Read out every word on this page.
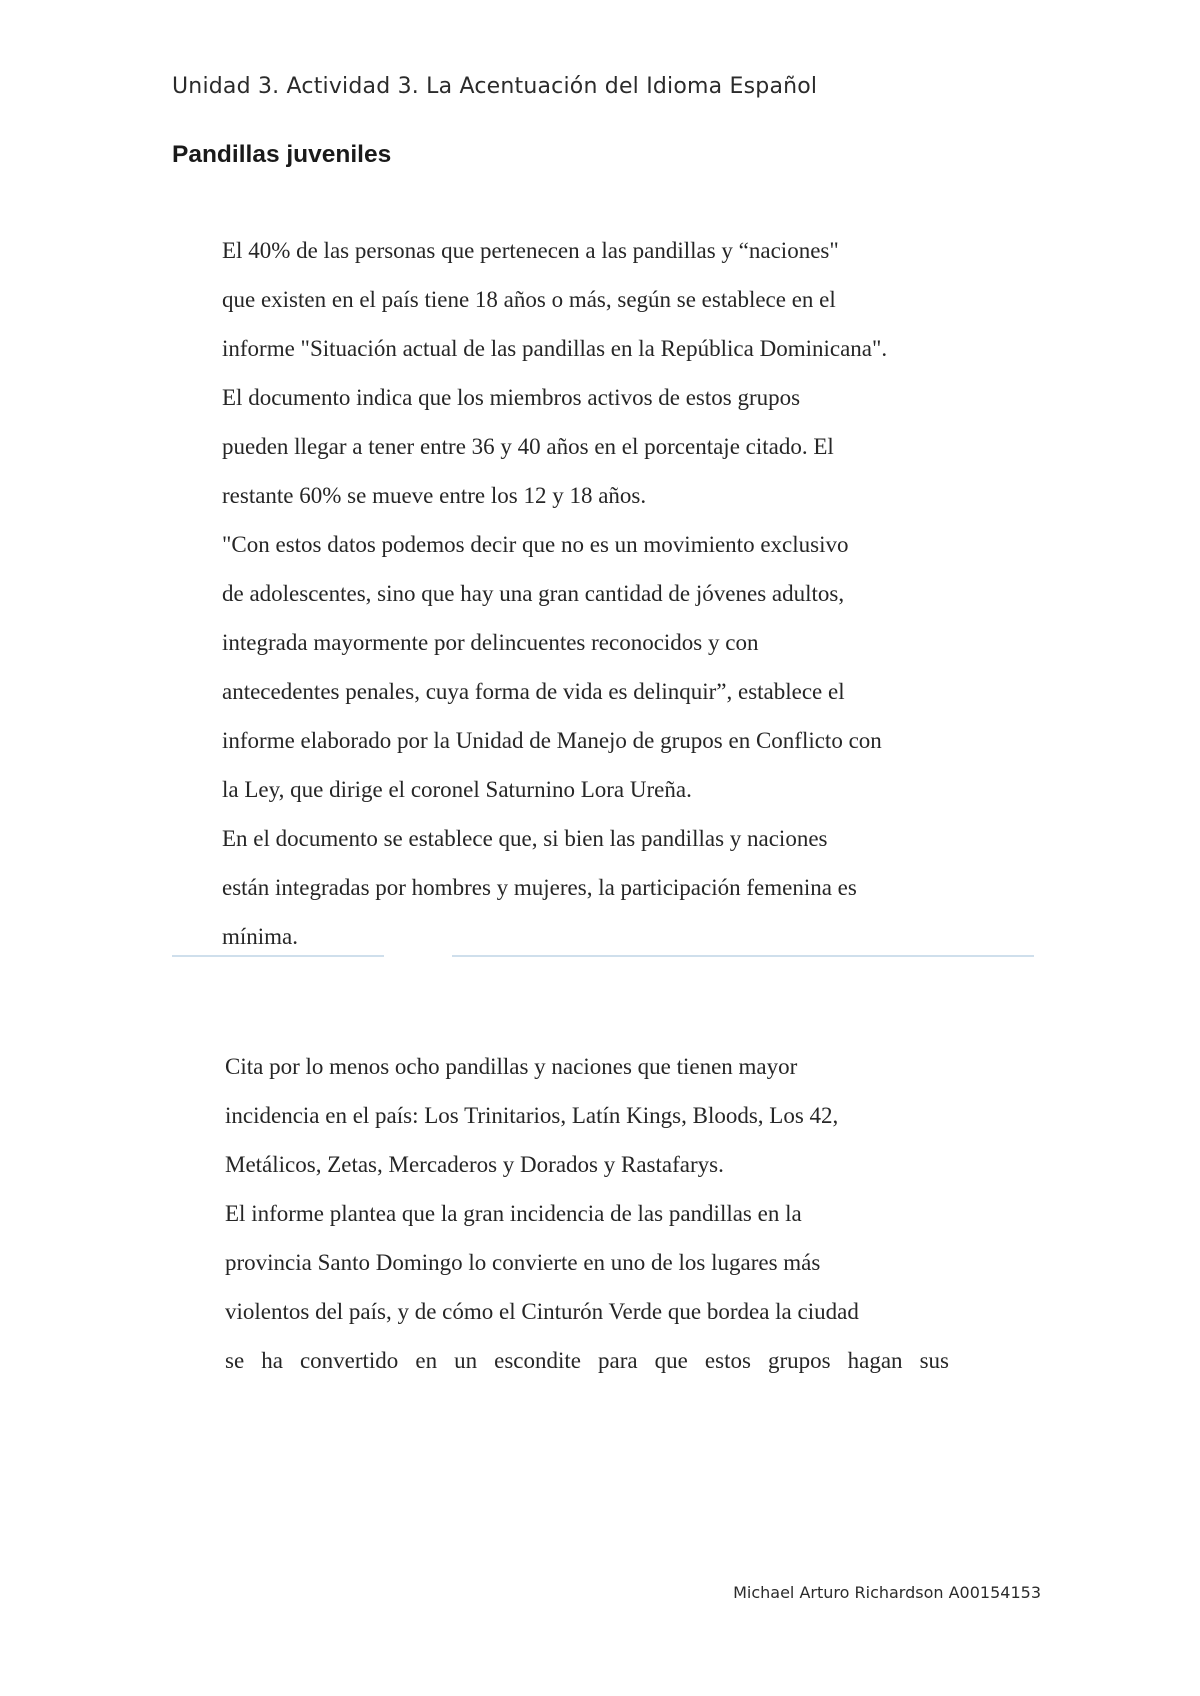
Unidad 3. Actividad 3. La Acentuación del Idioma Español
Pandillas juveniles
El 40% de las personas que pertenecen a las pandillas y “naciones"
que existen en el país tiene 18 años o más, según se establece en el
informe "Situación actual de las pandillas en la República Dominicana".
El documento indica que los miembros activos de estos grupos
pueden llegar a tener entre 36 y 40 años en el porcentaje citado. El
restante 60% se mueve entre los 12 y 18 años.
"Con estos datos podemos decir que no es un movimiento exclusivo
de adolescentes, sino que hay una gran cantidad de jóvenes adultos,
integrada mayormente por delincuentes reconocidos y con
antecedentes penales, cuya forma de vida es delinquir”, establece el
informe elaborado por la Unidad de Manejo de grupos en Conflicto con
la Ley, que dirige el coronel Saturnino Lora Ureña.
En el documento se establece que, si bien las pandillas y naciones
están integradas por hombres y mujeres, la participación femenina es
mínima.
Cita por lo menos ocho pandillas y naciones que tienen mayor
incidencia en el país: Los Trinitarios, Latín Kings, Bloods, Los 42,
Metálicos, Zetas, Mercaderos y Dorados y Rastafarys.
El informe plantea que la gran incidencia de las pandillas en la
provincia Santo Domingo lo convierte en uno de los lugares más
violentos del país, y de cómo el Cinturón Verde que bordea la ciudad
se ha convertido en un escondite para que estos grupos hagan sus
Michael Arturo Richardson A00154153
